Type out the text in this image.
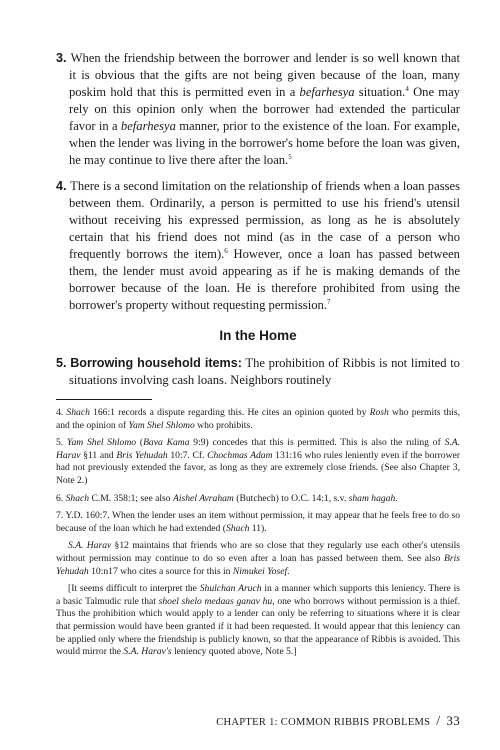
3. When the friendship between the borrower and lender is so well known that it is obvious that the gifts are not being given because of the loan, many poskim hold that this is permitted even in a befarhesya situation.$^4$ One may rely on this opinion only when the borrower had extended the particular favor in a befarhesya manner, prior to the existence of the loan. For example, when the lender was living in the borrower's home before the loan was given, he may continue to live there after the loan.$^5$

4. There is a second limitation on the relationship of friends when a loan passes between them. Ordinarily, a person is permitted to use his friend's utensil without receiving his expressed permission, as long as he is absolutely certain that his friend does not mind (as in the case of a person who frequently borrows the item).$^6$ However, once a loan has passed between them, the lender must avoid appearing as if he is making demands of the borrower because of the loan. He is therefore prohibited from using the borrower's property without requesting permission.$^7$

In the Home

5. Borrowing household items: The prohibition of Ribbis is not limited to situations involving cash loans. Neighbors routinely

4. Shach 166:1 records a dispute regarding this. He cites an opinion quoted by Rosh who permits this, and the opinion of Yam Shel Shlomo who prohibits.

5. Yam Shel Shlomo (Bava Kama 9:9) concedes that this is permitted. This is also the ruling of S.A. Harav §11 and Bris Yehudah 10:7. Cf. Chochmas Adam 131:16 who rules leniently even if the borrower had not previously extended the favor, as long as they are extremely close friends. (See also Chapter 3, Note 2.)

6. Shach C.M. 358:1; see also Aishel Avraham (Butchech) to O.C. 14:1, s.v. sham hagah.

7. Y.D. 160:7. When the lender uses an item without permission, it may appear that he feels free to do so because of the loan which he had extended (Shach 11).

S.A. Harav §12 maintains that friends who are so close that they regularly use each other's utensils without permission may continue to do so even after a loan has passed between them. See also Bris Yehudah 10:n17 who cites a source for this in Nimukei Yosef.

[It seems difficult to interpret the Shulchan Aruch in a manner which supports this leniency. There is a basic Talmudic rule that shoel shelo medaas ganav hu, one who borrows without permission is a thief. Thus the prohibition which would apply to a lender can only be referring to situations where it is clear that permission would have been granted if it had been requested. It would appear that this leniency can be applied only where the friendship is publicly known, so that the appearance of Ribbis is avoided. This would mirror the S.A. Harav's leniency quoted above, Note 5.]

CHAPTER 1: COMMON RIBBIS PROBLEMS / 33
